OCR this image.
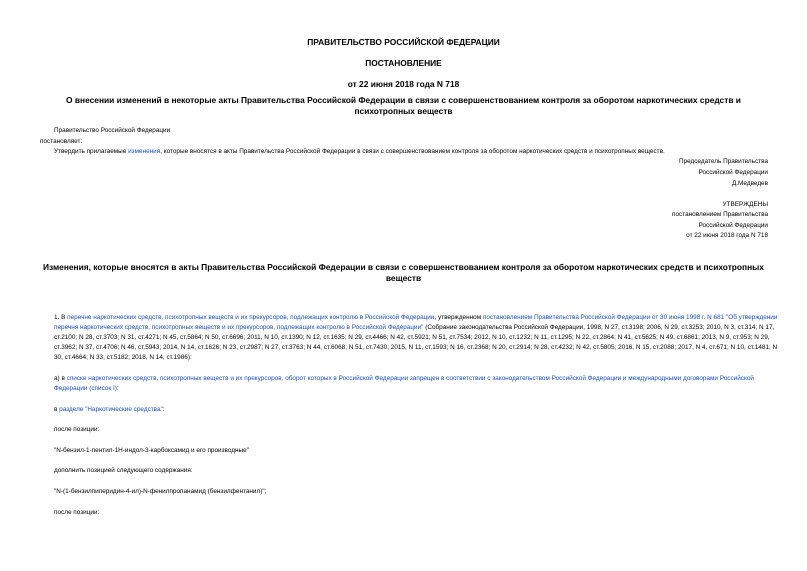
ПРАВИТЕЛЬСТВО РОССИЙСКОЙ ФЕДЕРАЦИИ
ПОСТАНОВЛЕНИЕ
от 22 июня 2018 года N 718
О внесении изменений в некоторые акты Правительства Российской Федерации в связи с совершенствованием контроля за оборотом наркотических средств и психотропных веществ
Правительство Российской Федерации
постановляет:
Утвердить прилагаемые изменения, которые вносятся в акты Правительства Российской Федерации в связи с совершенствованием контроля за оборотом наркотических средств и психотропных веществ.
Председатель Правительства
Российской Федерации
Д.Медведев
УТВЕРЖДЕНЫ
постановлением Правительства
Российской Федерации
от 22 июня 2018 года N 718
Изменения, которые вносятся в акты Правительства Российской Федерации в связи с совершенствованием контроля за оборотом наркотических средств и психотропных веществ
1. В перечне наркотических средств, психотропных веществ и их прекурсоров, подлежащих контролю в Российской Федерации, утвержденном постановлением Правительства Российской Федерации от 30 июня 1998 г. N 681 "Об утверждении перечня наркотических средств, психотропных веществ и их прекурсоров, подлежащих контролю в Российской Федерации" (Собрание законодательства Российской Федерации, 1998, N 27, ст.3198; 2006, N 29, ст.3253; 2010, N 3, ст.314; N 17, ст.2100; N 28, ст.3703; N 31, ст.4271; N 45, ст.5864; N 50, ст.6696; 2011, N 10, ст.1390; N 12, ст.1635; N 29, ст.4466; N 42, ст.5921; N 51, ст.7534; 2012, N 10, ст.1232; N 11, ст.1295; N 22, ст.2864; N 41, ст.5625; N 49, ст.6861; 2013, N 9, ст.953; N 29, ст.3962; N 37, ст.4706; N 46, ст.5943; 2014, N 14, ст.1626; N 23, ст.2987; N 27, ст.3763; N 44, ст.6068; N 51, ст.7430; 2015, N 11, ст.1593; N 16, ст.2368; N 20, ст.2914; N 28, ст.4232; N 42, ст.5805; 2016, N 15, ст.2088; 2017, N 4, ст.671; N 10, ст.1481; N 30, ст.4664; N 33, ст.5182; 2018, N 14, ст.1986):
а) в списке наркотических средств, психотропных веществ и их прекурсоров, оборот которых в Российской Федерации запрещен в соответствии с законодательством Российской Федерации и международными договорами Российской Федерации (список I):
в разделе "Наркотические средства":
после позиции:
"N-бензил-1-пентил-1Н-индол-3-карбоксамид и его производные"
дополнить позицией следующего содержания:
"N-(1-бензилпиперидин-4-ил)-N-фенилпропанамид (бензилфентанил)";
после позиции:
